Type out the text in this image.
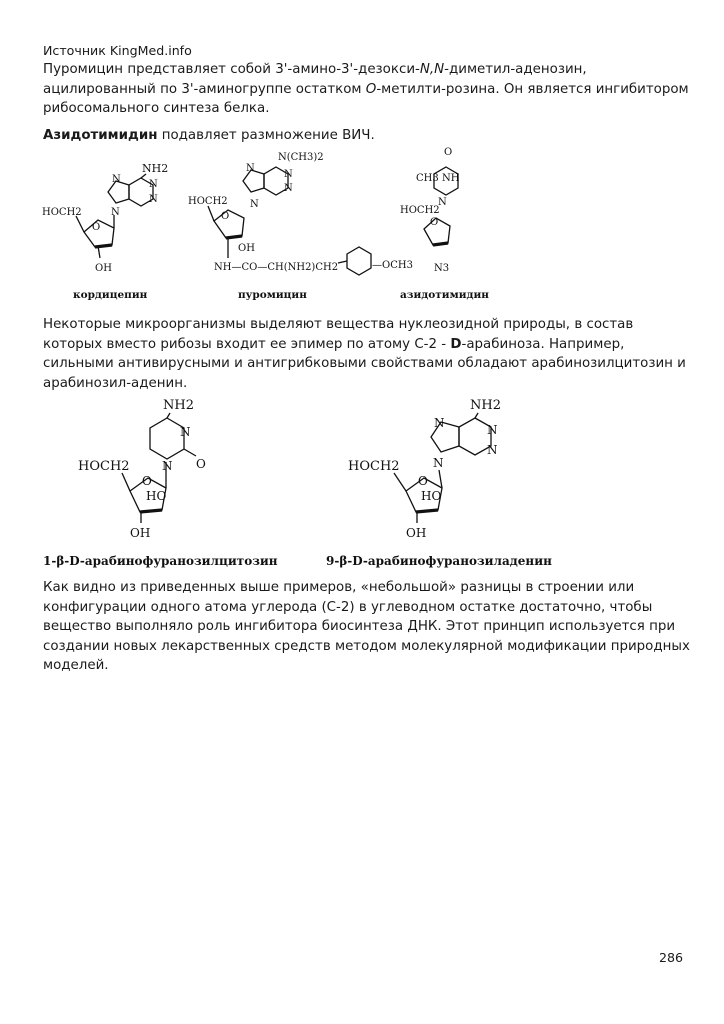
Источник KingMed.info
Пуромицин представляет собой 3'-амино-3'-дезокси-N,N-диметил-аденозин, ацилированный по 3'-аминогруппе остатком O-метилти-розина. Он является ингибитором рибосомального синтеза белка.
Азидотимидин подавляет размножение ВИЧ.
NH2
N
N
N
N
O
HOCH2
OH
кордицепин
N(CH3)2
N
N
N
N
O
HOCH2
OH
NH—CO—CH(NH2)CH2	—OCH3
пуромицин
O
NH
CH3
N
O
HOCH2
N3
азидотимидин
Некоторые микроорганизмы выделяют вещества нуклеозидной природы, в состав которых вместо рибозы входит ее эпимер по атому С-2 - D-арабиноза. Например, сильными антивирусными и антигрибковыми свойствами обладают арабинозилцитозин и арабинозил-аденин.
NH2
N
N O
O
HOCH2
HO
OH
1-β-D-арабинофуранозилцитозин
NH2
N
N
N
N
O
HOCH2
HO
OH
9-β-D-арабинофуранозиладенин
Как видно из приведенных выше примеров, «небольшой» разницы в строении или конфигурации одного атома углерода (С-2) в углеводном остатке достаточно, чтобы вещество выполняло роль ингибитора биосинтеза ДНК. Этот принцип используется при создании новых лекарственных средств методом молекулярной модификации природных моделей.
286
